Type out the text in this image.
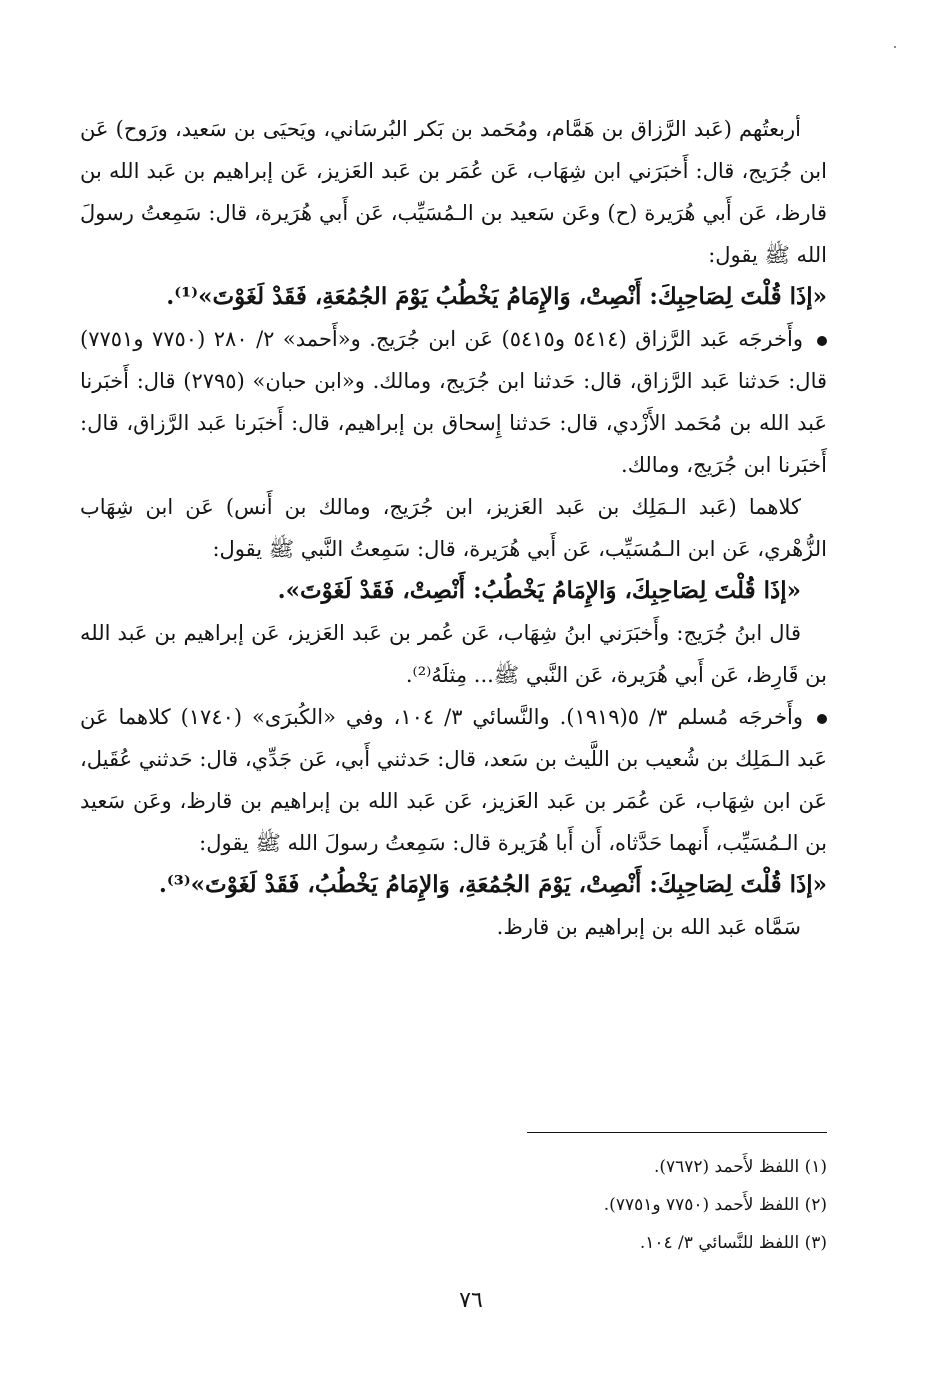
أربعتُهم (عَبد الرَّزاق بن هَمَّام، ومُحَمد بن بَكر البُرسَاني، ويَحيَى بن سَعيد، ورَوح) عَن ابن جُرَيج، قال: أَخبَرَني ابن شِهَاب، عَن عُمَر بن عَبد العَزيز، عَن إبراهيم بن عَبد الله بن قارظ، عَن أَبي هُرَيرة (ح) وعَن سَعيد بن الـمُسَيِّب، عَن أَبي هُرَيرة، قال: سَمِعتُ رسولَ الله ﷺ يقول:

«إذَا قُلْتَ لِصَاحِبِكَ: أَنْصِتْ، وَالإِمَامُ يَخْطُبُ يَوْمَ الجُمُعَةِ، فَقَدْ لَغَوْتَ»⁽¹⁾.

وأَخرجَه عَبد الرَّزاق (٥٤١٤ و٥٤١٥) عَن ابن جُرَيج. و«أَحمد» ٢/ ٢٨٠ (٧٧٥٠ و٧٧٥١) قال: حَدثنا عَبد الرَّزاق، قال: حَدثنا ابن جُرَيج، ومالك. و«ابن حبان» (٢٧٩٥) قال: أَخبَرنا عَبد الله بن مُحَمد الأَزْدي، قال: حَدثنا إِسحاق بن إبراهيم، قال: أَخبَرنا عَبد الرَّزاق، قال: أَخبَرنا ابن جُرَيج، ومالك.

كلاهما (عَبد الـمَلِك بن عَبد العَزيز، ابن جُرَيج، ومالك بن أَنس) عَن ابن شِهَاب الزُّهْري، عَن ابن الـمُسَيِّب، عَن أَبي هُرَيرة، قال: سَمِعتُ النَّبي ﷺ يقول:

«إذَا قُلْتَ لِصَاحِبِكَ، وَالإِمَامُ يَخْطُبُ: أَنْصِتْ، فَقَدْ لَغَوْتَ».

قال ابنُ جُرَيج: وأَخبَرَني ابنُ شِهَاب، عَن عُمر بن عَبد العَزيز، عَن إبراهيم بن عَبد الله بن قَارِظ، عَن أَبي هُرَيرة، عَن النَّبي ﷺ... مِثلَهُ⁽²⁾.

وأَخرجَه مُسلم ٣/ ٥(١٩١٩). والنَّسائي ٣/ ١٠٤، وفي «الكُبرَى» (١٧٤٠) كلاهما عَن عَبد الـمَلِك بن شُعيب بن اللَّيث بن سَعد، قال: حَدثني أَبي، عَن جَدِّي، قال: حَدثني عُقَيل، عَن ابن شِهَاب، عَن عُمَر بن عَبد العَزيز، عَن عَبد الله بن إبراهيم بن قارظ، وعَن سَعيد بن الـمُسَيِّب، أَنهما حَدَّثاه، أَن أَبا هُرَيرة قال: سَمِعتُ رسولَ الله ﷺ يقول:

«إذَا قُلْتَ لِصَاحِبِكَ: أَنْصِتْ، يَوْمَ الجُمُعَةِ، وَالإِمَامُ يَخْطُبُ، فَقَدْ لَغَوْتَ»⁽³⁾.

سَمَّاه عَبد الله بن إبراهيم بن قارظ.

(١) اللفظ لأَحمد (٧٦٧٢).

(٢) اللفظ لأَحمد (٧٧٥٠ و٧٧٥١).

(٣) اللفظ للنَّسائي ٣/ ١٠٤.

٧٦
